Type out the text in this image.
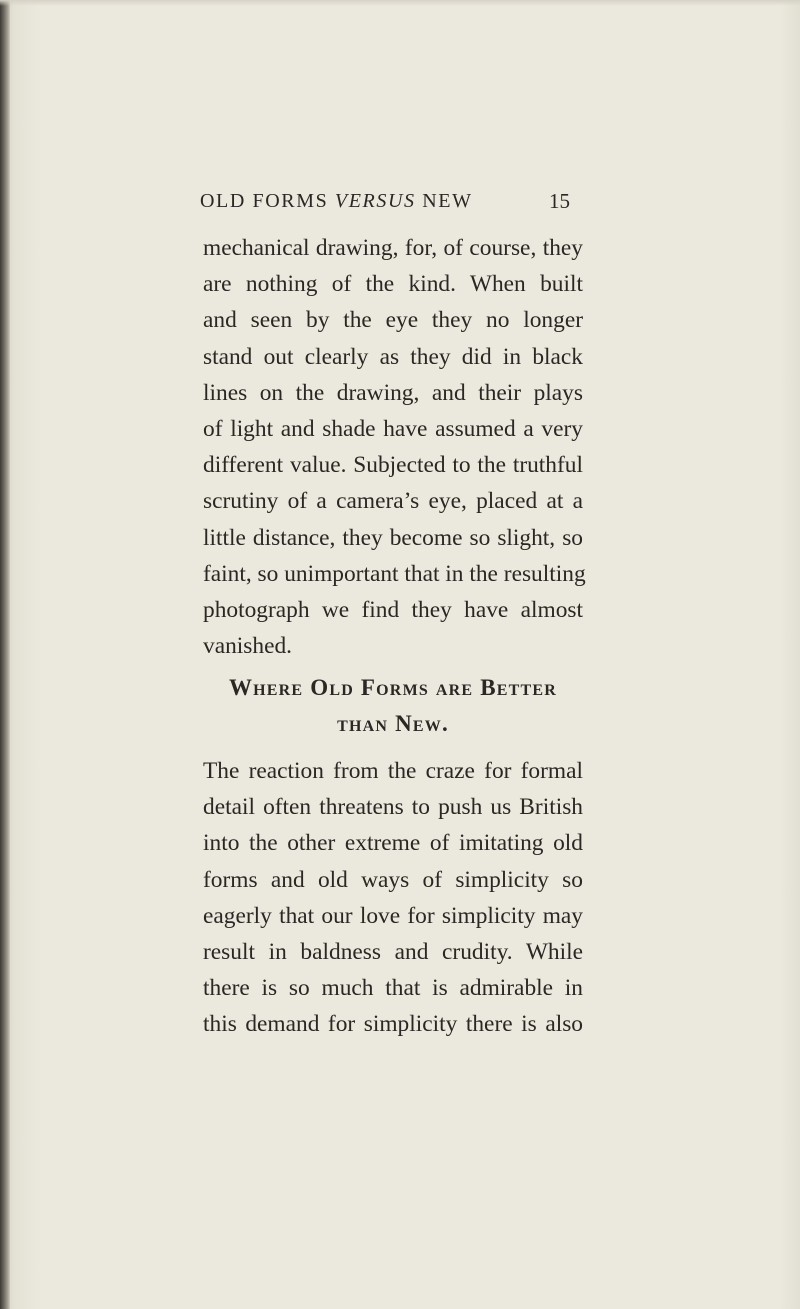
OLD FORMS VERSUS NEW	15

mechanical drawing, for, of course, they
are nothing of the kind. When built
and seen by the eye they no longer
stand out clearly as they did in black
lines on the drawing, and their plays
of light and shade have assumed a very
different value. Subjected to the truthful
scrutiny of a camera’s eye, placed at a
little distance, they become so slight, so
faint, so unimportant that in the resulting
photograph we find they have almost
vanished.

Where Old Forms are Better
than New.

The reaction from the craze for formal
detail often threatens to push us British
into the other extreme of imitating old
forms and old ways of simplicity so
eagerly that our love for simplicity may
result in baldness and crudity. While
there is so much that is admirable in
this demand for simplicity there is also
